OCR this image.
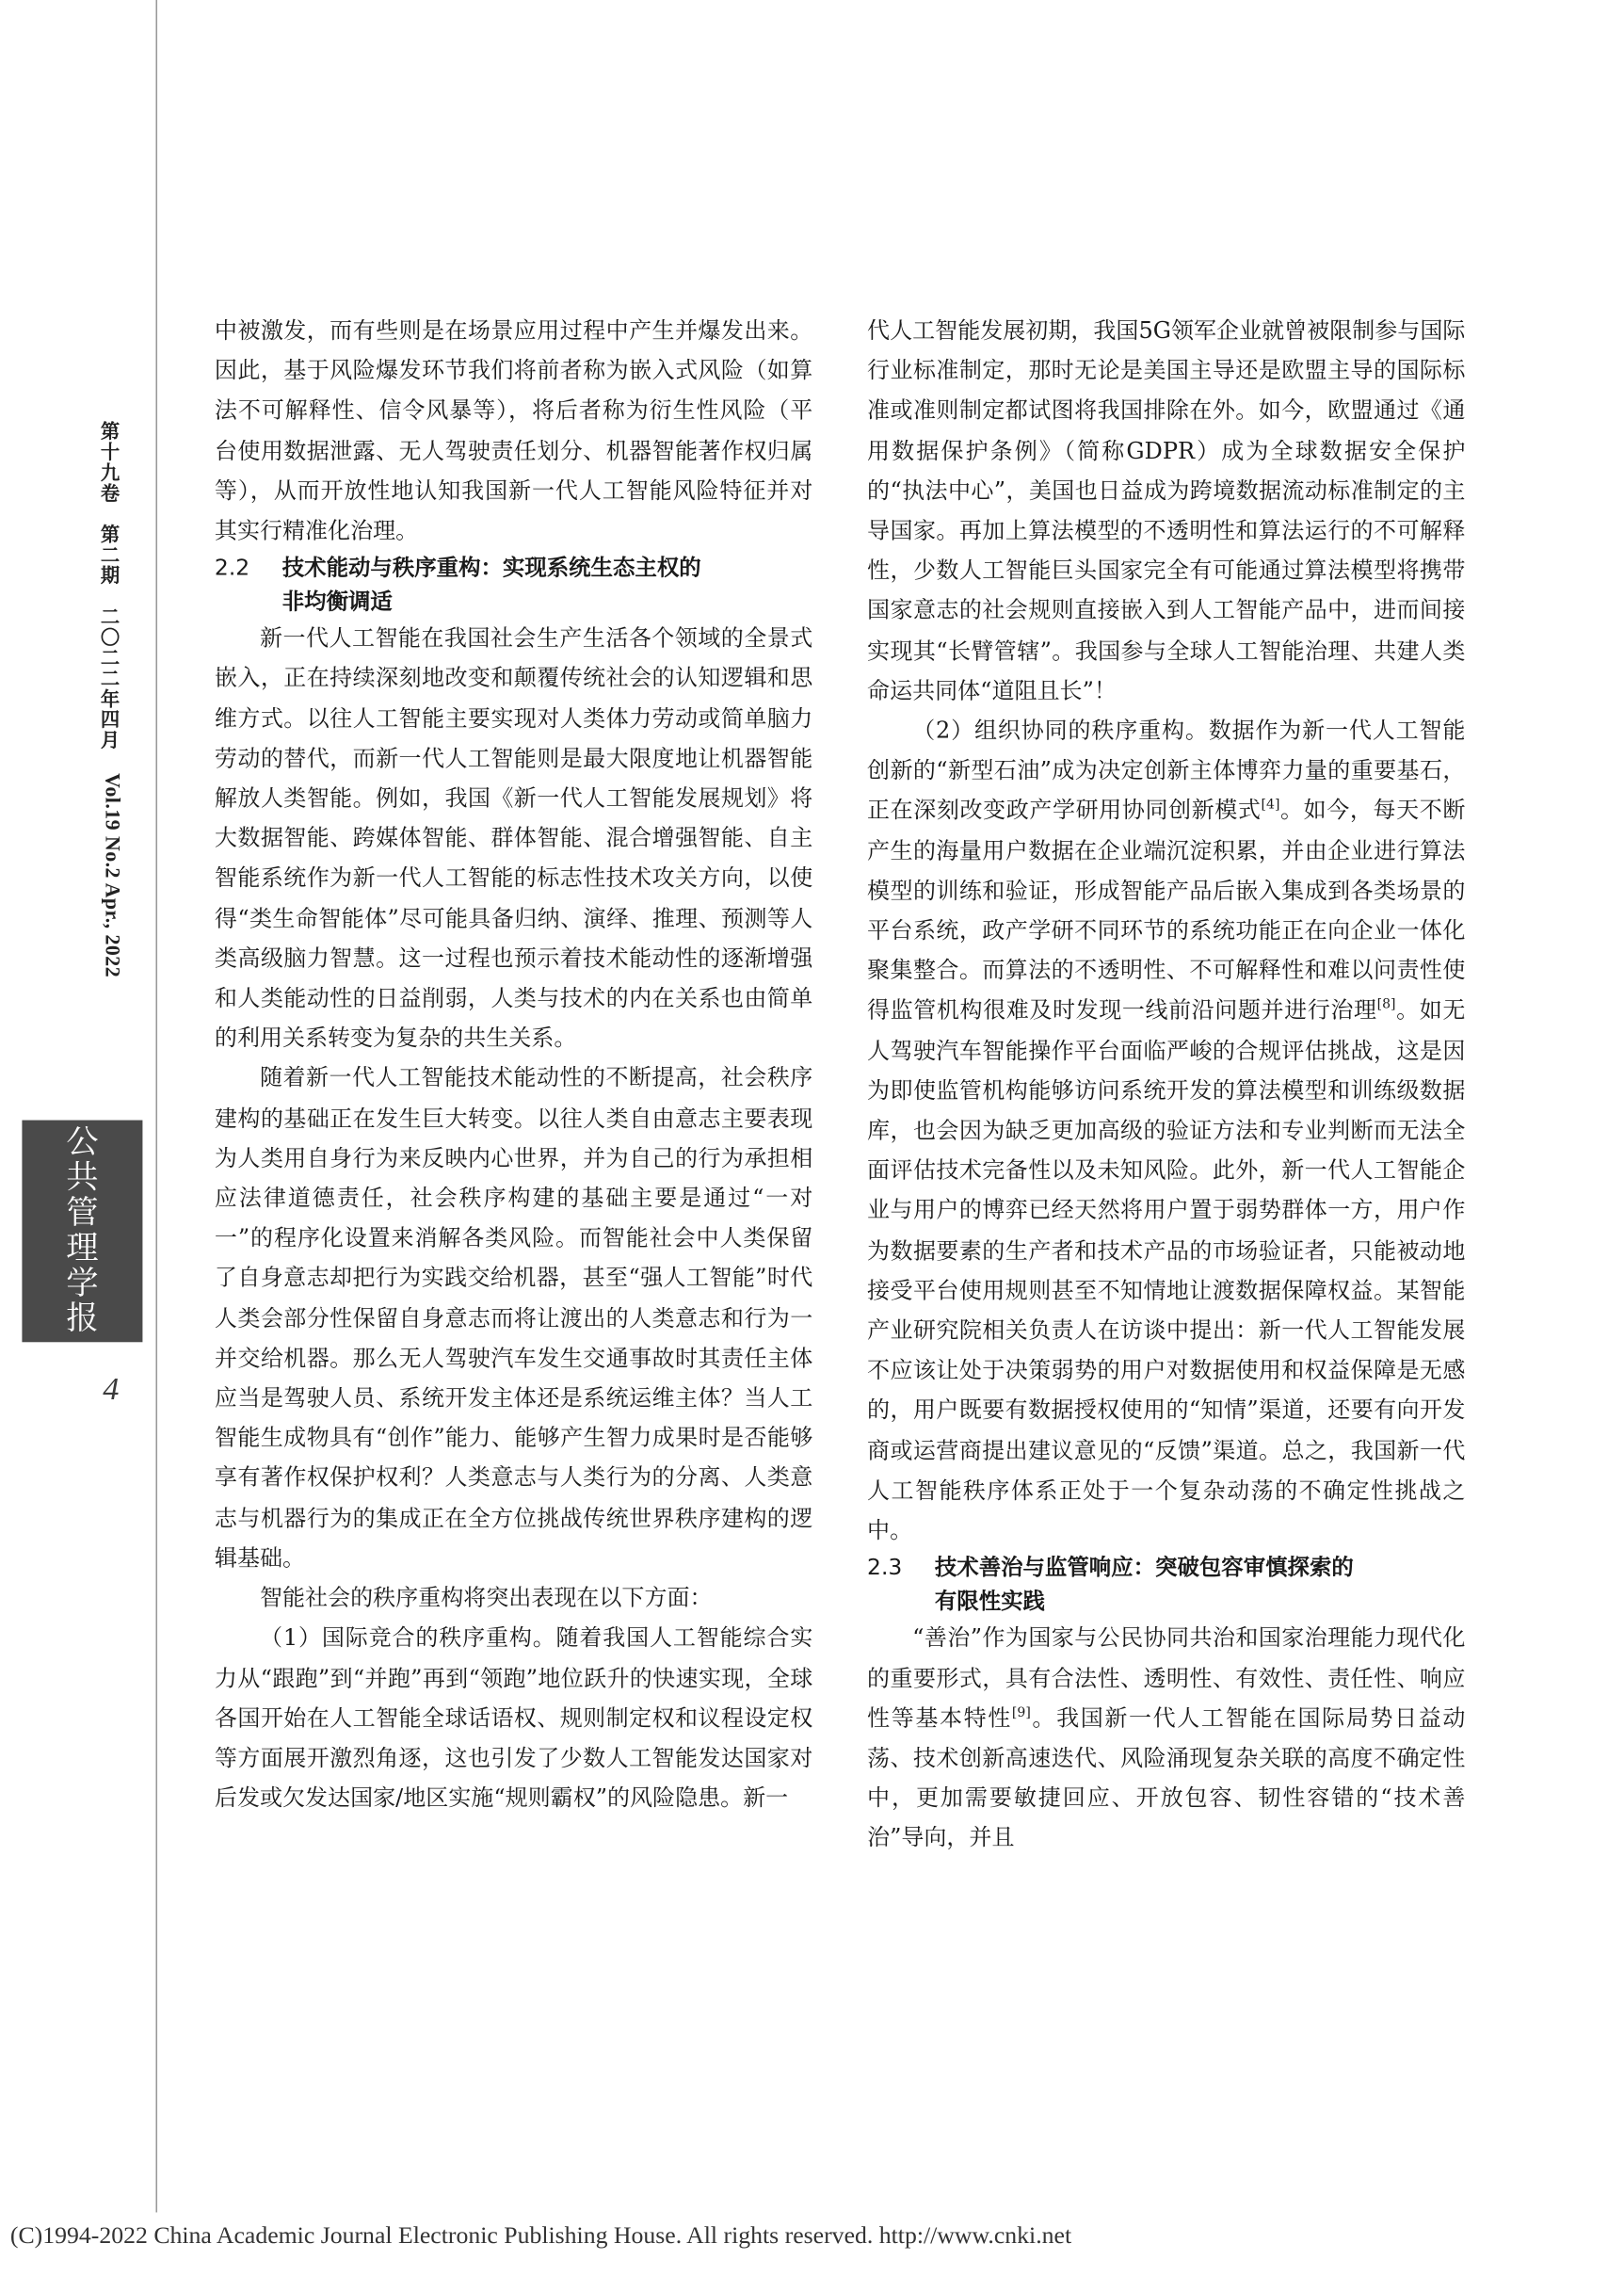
第十九卷
第二期
二〇二二年四月
Vol.19 No.2 Apr., 2022
公共管理学报
4

中被激发，而有些则是在场景应用过程中产生并爆发出来。因此，基于风险爆发环节我们将前者称为嵌入式风险（如算法不可解释性、信令风暴等），将后者称为衍生性风险（平台使用数据泄露、无人驾驶责任划分、机器智能著作权归属等），从而开放性地认知我国新一代人工智能风险特征并对其实行精准化治理。

2.2 技术能动与秩序重构：实现系统生态主权的
非均衡调适

新一代人工智能在我国社会生产生活各个领域的全景式嵌入，正在持续深刻地改变和颠覆传统社会的认知逻辑和思维方式。以往人工智能主要实现对人类体力劳动或简单脑力劳动的替代，而新一代人工智能则是最大限度地让机器智能解放人类智能。例如，我国《新一代人工智能发展规划》将大数据智能、跨媒体智能、群体智能、混合增强智能、自主智能系统作为新一代人工智能的标志性技术攻关方向，以使得“类生命智能体”尽可能具备归纳、演绎、推理、预测等人类高级脑力智慧。这一过程也预示着技术能动性的逐渐增强和人类能动性的日益削弱，人类与技术的内在关系也由简单的利用关系转变为复杂的共生关系。

随着新一代人工智能技术能动性的不断提高，社会秩序建构的基础正在发生巨大转变。以往人类自由意志主要表现为人类用自身行为来反映内心世界，并为自己的行为承担相应法律道德责任，社会秩序构建的基础主要是通过“一对一”的程序化设置来消解各类风险。而智能社会中人类保留了自身意志却把行为实践交给机器，甚至“强人工智能”时代人类会部分性保留自身意志而将让渡出的人类意志和行为一并交给机器。那么无人驾驶汽车发生交通事故时其责任主体应当是驾驶人员、系统开发主体还是系统运维主体？当人工智能生成物具有“创作”能力、能够产生智力成果时是否能够享有著作权保护权利？人类意志与人类行为的分离、人类意志与机器行为的集成正在全方位挑战传统世界秩序建构的逻辑基础。

智能社会的秩序重构将突出表现在以下方面：

（1）国际竞合的秩序重构。随着我国人工智能综合实力从“跟跑”到“并跑”再到“领跑”地位跃升的快速实现，全球各国开始在人工智能全球话语权、规则制定权和议程设定权等方面展开激烈角逐，这也引发了少数人工智能发达国家对后发或欠发达国家/地区实施“规则霸权”的风险隐患。新一

代人工智能发展初期，我国5G领军企业就曾被限制参与国际行业标准制定，那时无论是美国主导还是欧盟主导的国际标准或准则制定都试图将我国排除在外。如今，欧盟通过《通用数据保护条例》（简称GDPR）成为全球数据安全保护的“执法中心”，美国也日益成为跨境数据流动标准制定的主导国家。再加上算法模型的不透明性和算法运行的不可解释性，少数人工智能巨头国家完全有可能通过算法模型将携带国家意志的社会规则直接嵌入到人工智能产品中，进而间接实现其“长臂管辖”。我国参与全球人工智能治理、共建人类命运共同体“道阻且长”！

（2）组织协同的秩序重构。数据作为新一代人工智能创新的“新型石油”成为决定创新主体博弈力量的重要基石，正在深刻改变政产学研用协同创新模式[4]。如今，每天不断产生的海量用户数据在企业端沉淀积累，并由企业进行算法模型的训练和验证，形成智能产品后嵌入集成到各类场景的平台系统，政产学研不同环节的系统功能正在向企业一体化聚集整合。而算法的不透明性、不可解释性和难以问责性使得监管机构很难及时发现一线前沿问题并进行治理[8]。如无人驾驶汽车智能操作平台面临严峻的合规评估挑战，这是因为即使监管机构能够访问系统开发的算法模型和训练级数据库，也会因为缺乏更加高级的验证方法和专业判断而无法全面评估技术完备性以及未知风险。此外，新一代人工智能企业与用户的博弈已经天然将用户置于弱势群体一方，用户作为数据要素的生产者和技术产品的市场验证者，只能被动地接受平台使用规则甚至不知情地让渡数据保障权益。某智能产业研究院相关负责人在访谈中提出：新一代人工智能发展不应该让处于决策弱势的用户对数据使用和权益保障是无感的，用户既要有数据授权使用的“知情”渠道，还要有向开发商或运营商提出建议意见的“反馈”渠道。总之，我国新一代人工智能秩序体系正处于一个复杂动荡的不确定性挑战之中。

2.3 技术善治与监管响应：突破包容审慎探索的
有限性实践

“善治”作为国家与公民协同共治和国家治理能力现代化的重要形式，具有合法性、透明性、有效性、责任性、响应性等基本特性[9]。我国新一代人工智能在国际局势日益动荡、技术创新高速迭代、风险涌现复杂关联的高度不确定性中，更加需要敏捷回应、开放包容、韧性容错的“技术善治”导向，并且

(C)1994-2022 China Academic Journal Electronic Publishing House. All rights reserved. http://www.cnki.net
